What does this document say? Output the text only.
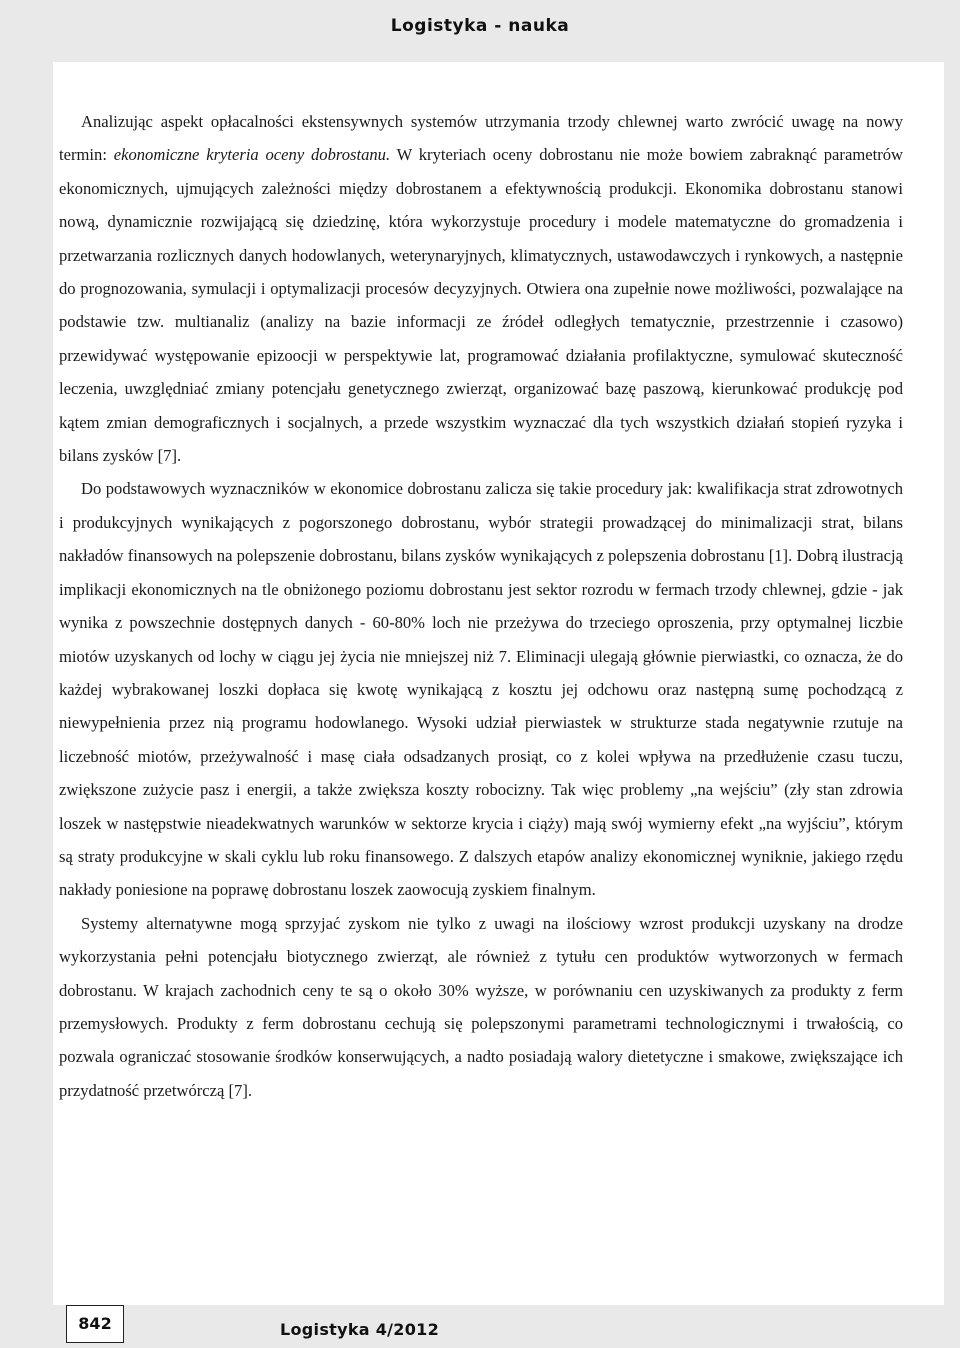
Logistyka - nauka

Analizując aspekt opłacalności ekstensywnych systemów utrzymania trzody chlewnej warto zwrócić uwagę na nowy termin: ekonomiczne kryteria oceny dobrostanu. W kryteriach oceny dobrostanu nie może bowiem zabraknąć parametrów ekonomicznych, ujmujących zależności między dobrostanem a efektywnością produkcji. Ekonomika dobrostanu stanowi nową, dynamicznie rozwijającą się dziedzinę, która wykorzystuje procedury i modele matematyczne do gromadzenia i przetwarzania rozlicznych danych hodowlanych, weterynaryjnych, klimatycznych, ustawodawczych i rynkowych, a następnie do prognozowania, symulacji i optymalizacji procesów decyzyjnych. Otwiera ona zupełnie nowe możliwości, pozwalające na podstawie tzw. multianaliz (analizy na bazie informacji ze źródeł odległych tematycznie, przestrzennie i czasowo) przewidywać występowanie epizoocji w perspektywie lat, programować działania profilaktyczne, symulować skuteczność leczenia, uwzględniać zmiany potencjału genetycznego zwierząt, organizować bazę paszową, kierunkować produkcję pod kątem zmian demograficznych i socjalnych, a przede wszystkim wyznaczać dla tych wszystkich działań stopień ryzyka i bilans zysków [7].

Do podstawowych wyznaczników w ekonomice dobrostanu zalicza się takie procedury jak: kwalifikacja strat zdrowotnych i produkcyjnych wynikających z pogorszonego dobrostanu, wybór strategii prowadzącej do minimalizacji strat, bilans nakładów finansowych na polepszenie dobrostanu, bilans zysków wynikających z polepszenia dobrostanu [1]. Dobrą ilustracją implikacji ekonomicznych na tle obniżonego poziomu dobrostanu jest sektor rozrodu w fermach trzody chlewnej, gdzie - jak wynika z powszechnie dostępnych danych - 60-80% loch nie przeżywa do trzeciego oproszenia, przy optymalnej liczbie miotów uzyskanych od lochy w ciągu jej życia nie mniejszej niż 7. Eliminacji ulegają głównie pierwiastki, co oznacza, że do każdej wybrakowanej loszki dopłaca się kwotę wynikającą z kosztu jej odchowu oraz następną sumę pochodzącą z niewypełnienia przez nią programu hodowlanego. Wysoki udział pierwiastek w strukturze stada negatywnie rzutuje na liczebność miotów, przeżywalność i masę ciała odsadzanych prosiąt, co z kolei wpływa na przedłużenie czasu tuczu, zwiększone zużycie pasz i energii, a także zwiększa koszty robocizny. Tak więc problemy „na wejściu” (zły stan zdrowia loszek w następstwie nieadekwatnych warunków w sektorze krycia i ciąży) mają swój wymierny efekt „na wyjściu”, którym są straty produkcyjne w skali cyklu lub roku finansowego. Z dalszych etapów analizy ekonomicznej wyniknie, jakiego rzędu nakłady poniesione na poprawę dobrostanu loszek zaowocują zyskiem finalnym.

Systemy alternatywne mogą sprzyjać zyskom nie tylko z uwagi na ilościowy wzrost produkcji uzyskany na drodze wykorzystania pełni potencjału biotycznego zwierząt, ale również z tytułu cen produktów wytworzonych w fermach dobrostanu. W krajach zachodnich ceny te są o około 30% wyższe, w porównaniu cen uzyskiwanych za produkty z ferm przemysłowych. Produkty z ferm dobrostanu cechują się polepszonymi parametrami technologicznymi i trwałością, co pozwala ograniczać stosowanie środków konserwujących, a nadto posiadają walory dietetyczne i smakowe, zwiększające ich przydatność przetwórczą [7].

842	Logistyka 4/2012
